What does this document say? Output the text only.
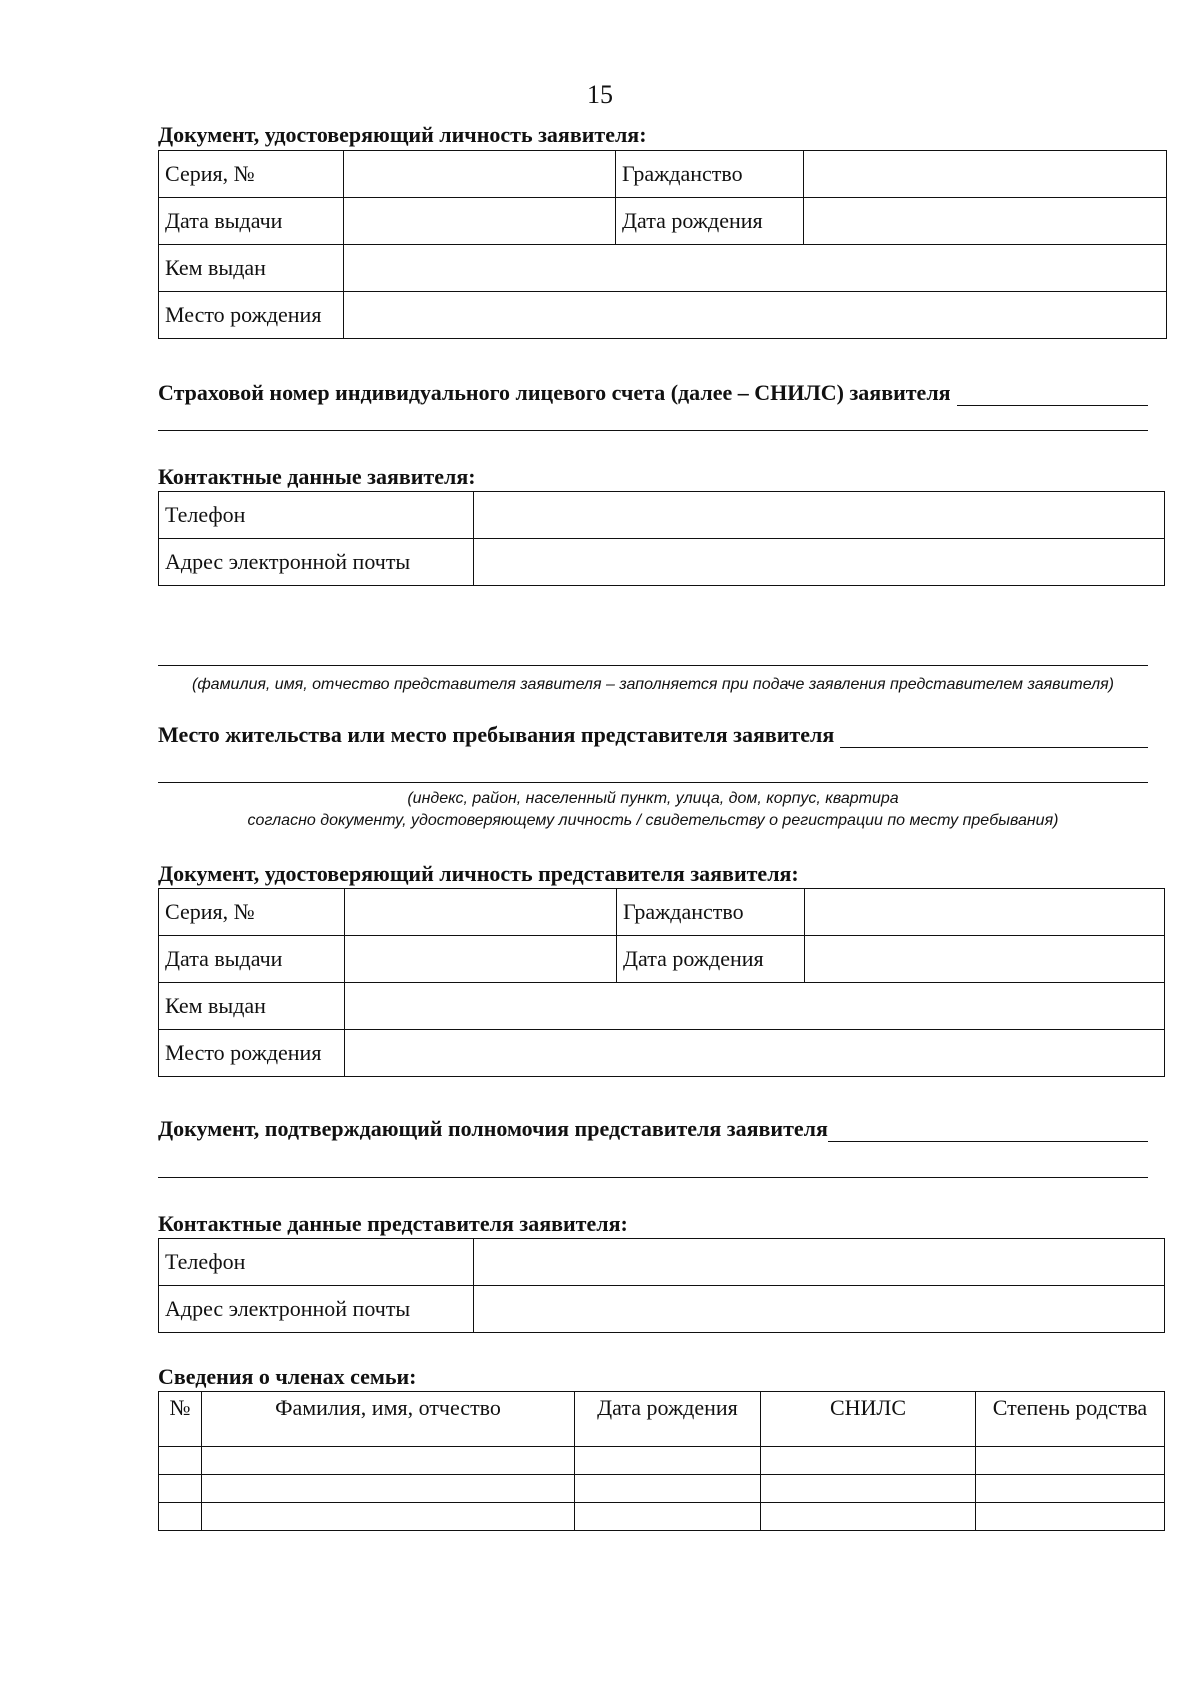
15
Документ, удостоверяющий личность заявителя:
Серия, №		Гражданство	

Дата выдачи		Дата рождения	

Кем выдан			

Место рождения			
Страховой номер индивидуального лицевого счета (далее – СНИЛС) заявителя
Контактные данные заявителя:
Телефон	

Адрес электронной почты	
(фамилия, имя, отчество представителя заявителя – заполняется при подаче заявления представителем заявителя)
Место жительства или место пребывания представителя заявителя
(индекс, район, населенный пункт, улица, дом, корпус, квартира
согласно документу, удостоверяющему личность / свидетельству о регистрации по месту пребывания)
Документ, удостоверяющий личность представителя заявителя:
Серия, №		Гражданство	

Дата выдачи		Дата рождения	

Кем выдан			

Место рождения			
Документ, подтверждающий полномочия представителя заявителя
Контактные данные представителя заявителя:
Телефон	

Адрес электронной почты	
Сведения о членах семьи:
№	Фамилия, имя, отчество	Дата рождения	СНИЛС	Степень родства
